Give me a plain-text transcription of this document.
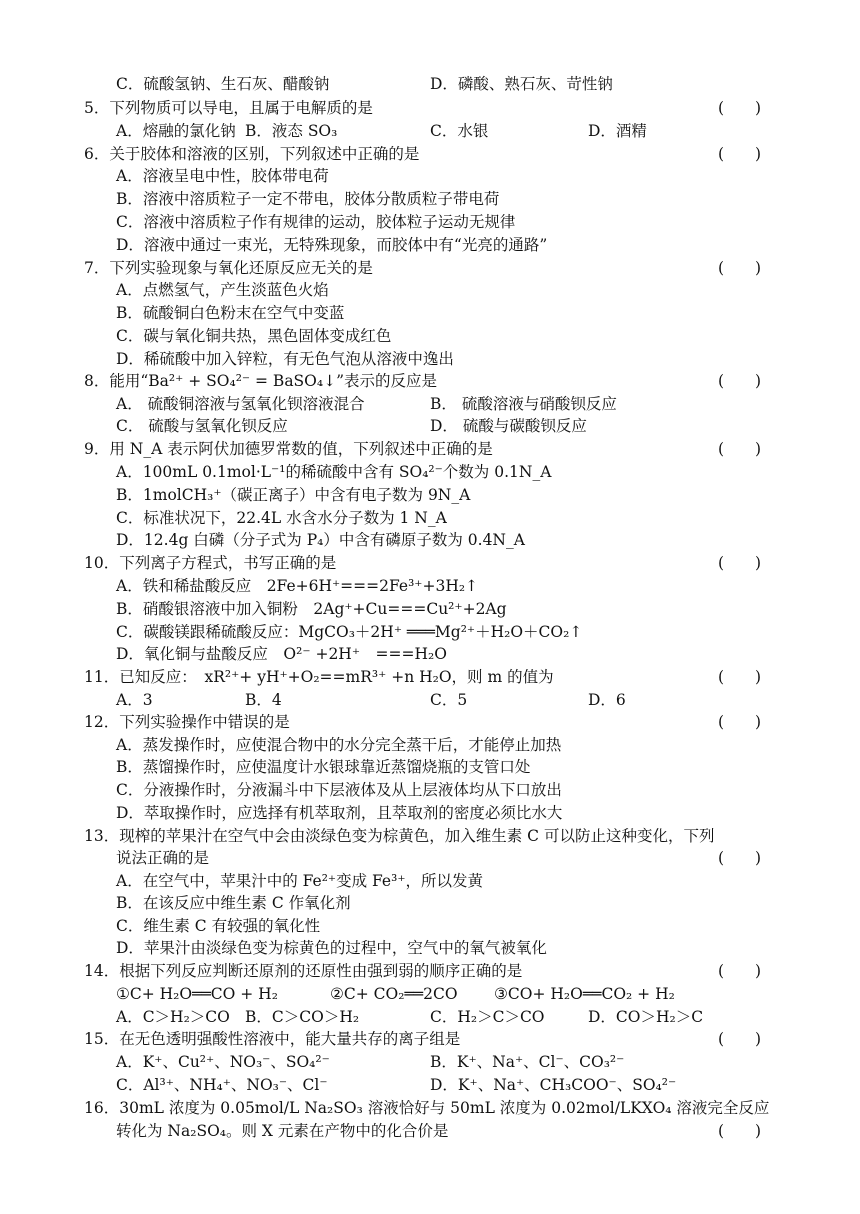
C．硫酸氢钠、生石灰、醋酸钠	D．磷酸、熟石灰、苛性钠
5．下列物质可以导电，且属于电解质的是	(　　)
A．熔融的氯化钠 B．液态 SO₃	C．水银	D．酒精
6．关于胶体和溶液的区别，下列叙述中正确的是	(　　)
A．溶液呈电中性，胶体带电荷
B．溶液中溶质粒子一定不带电，胶体分散质粒子带电荷
C．溶液中溶质粒子作有规律的运动，胶体粒子运动无规律
D．溶液中通过一束光，无特殊现象，而胶体中有“光亮的通路”
7．下列实验现象与氧化还原反应无关的是	(　　)
A．点燃氢气，产生淡蓝色火焰
B．硫酸铜白色粉末在空气中变蓝
C．碳与氧化铜共热，黑色固体变成红色
D．稀硫酸中加入锌粒，有无色气泡从溶液中逸出
8．能用“Ba²⁺ + SO₄²⁻ = BaSO₄↓”表示的反应是	(　　)
A． 硫酸铜溶液与氢氧化钡溶液混合	B． 硫酸溶液与硝酸钡反应
C． 硫酸与氢氧化钡反应	D． 硫酸与碳酸钡反应
9．用 N_A 表示阿伏加德罗常数的值，下列叙述中正确的是	(　　)
A．100mL 0.1mol·L⁻¹的稀硫酸中含有 SO₄²⁻个数为 0.1N_A
B．1molCH₃⁺（碳正离子）中含有电子数为 9N_A
C．标准状况下，22.4L 水含水分子数为 1 N_A
D．12.4g 白磷（分子式为 P₄）中含有磷原子数为 0.4N_A
10．下列离子方程式，书写正确的是	(　　)
A．铁和稀盐酸反应　2Fe+6H⁺===2Fe³⁺+3H₂↑
B．硝酸银溶液中加入铜粉　2Ag⁺+Cu===Cu²⁺+2Ag
C．碳酸镁跟稀硫酸反应：MgCO₃＋2H⁺ ═══Mg²⁺＋H₂O＋CO₂↑
D．氧化铜与盐酸反应　O²⁻ +2H⁺　===H₂O
11．已知反应：　xR²⁺+ yH⁺+O₂==mR³⁺ +n H₂O，则 m 的值为	(　　)
A．3	B．4	C．5	D．6
12．下列实验操作中错误的是	(　　)
A．蒸发操作时，应使混合物中的水分完全蒸干后，才能停止加热
B．蒸馏操作时，应使温度计水银球靠近蒸馏烧瓶的支管口处
C．分液操作时，分液漏斗中下层液体及从上层液体均从下口放出
D．萃取操作时，应选择有机萃取剂，且萃取剂的密度必须比水大
13．现榨的苹果汁在空气中会由淡绿色变为棕黄色，加入维生素 C 可以防止这种变化，下列
说法正确的是	(　　)
A．在空气中，苹果汁中的 Fe²⁺变成 Fe³⁺，所以发黄
B．在该反应中维生素 C 作氧化剂
C．维生素 C 有较强的氧化性
D．苹果汁由淡绿色变为棕黄色的过程中，空气中的氧气被氧化
14．根据下列反应判断还原剂的还原性由强到弱的顺序正确的是	(　　)
①C+ H₂O══CO + H₂	②C+ CO₂══2CO ③CO+ H₂O══CO₂ + H₂
A．C＞H₂＞CO B．C＞CO＞H₂	C．H₂＞C＞CO	D．CO＞H₂＞C
15．在无色透明强酸性溶液中，能大量共存的离子组是	(　　)
A．K⁺、Cu²⁺、NO₃⁻、SO₄²⁻	B．K⁺、Na⁺、Cl⁻、CO₃²⁻
C．Al³⁺、NH₄⁺、NO₃⁻、Cl⁻	D．K⁺、Na⁺、CH₃COO⁻、SO₄²⁻
16．30mL 浓度为 0.05mol/L Na₂SO₃ 溶液恰好与 50mL 浓度为 0.02mol/LKXO₄ 溶液完全反应
转化为 Na₂SO₄。则 X 元素在产物中的化合价是	(　　)
